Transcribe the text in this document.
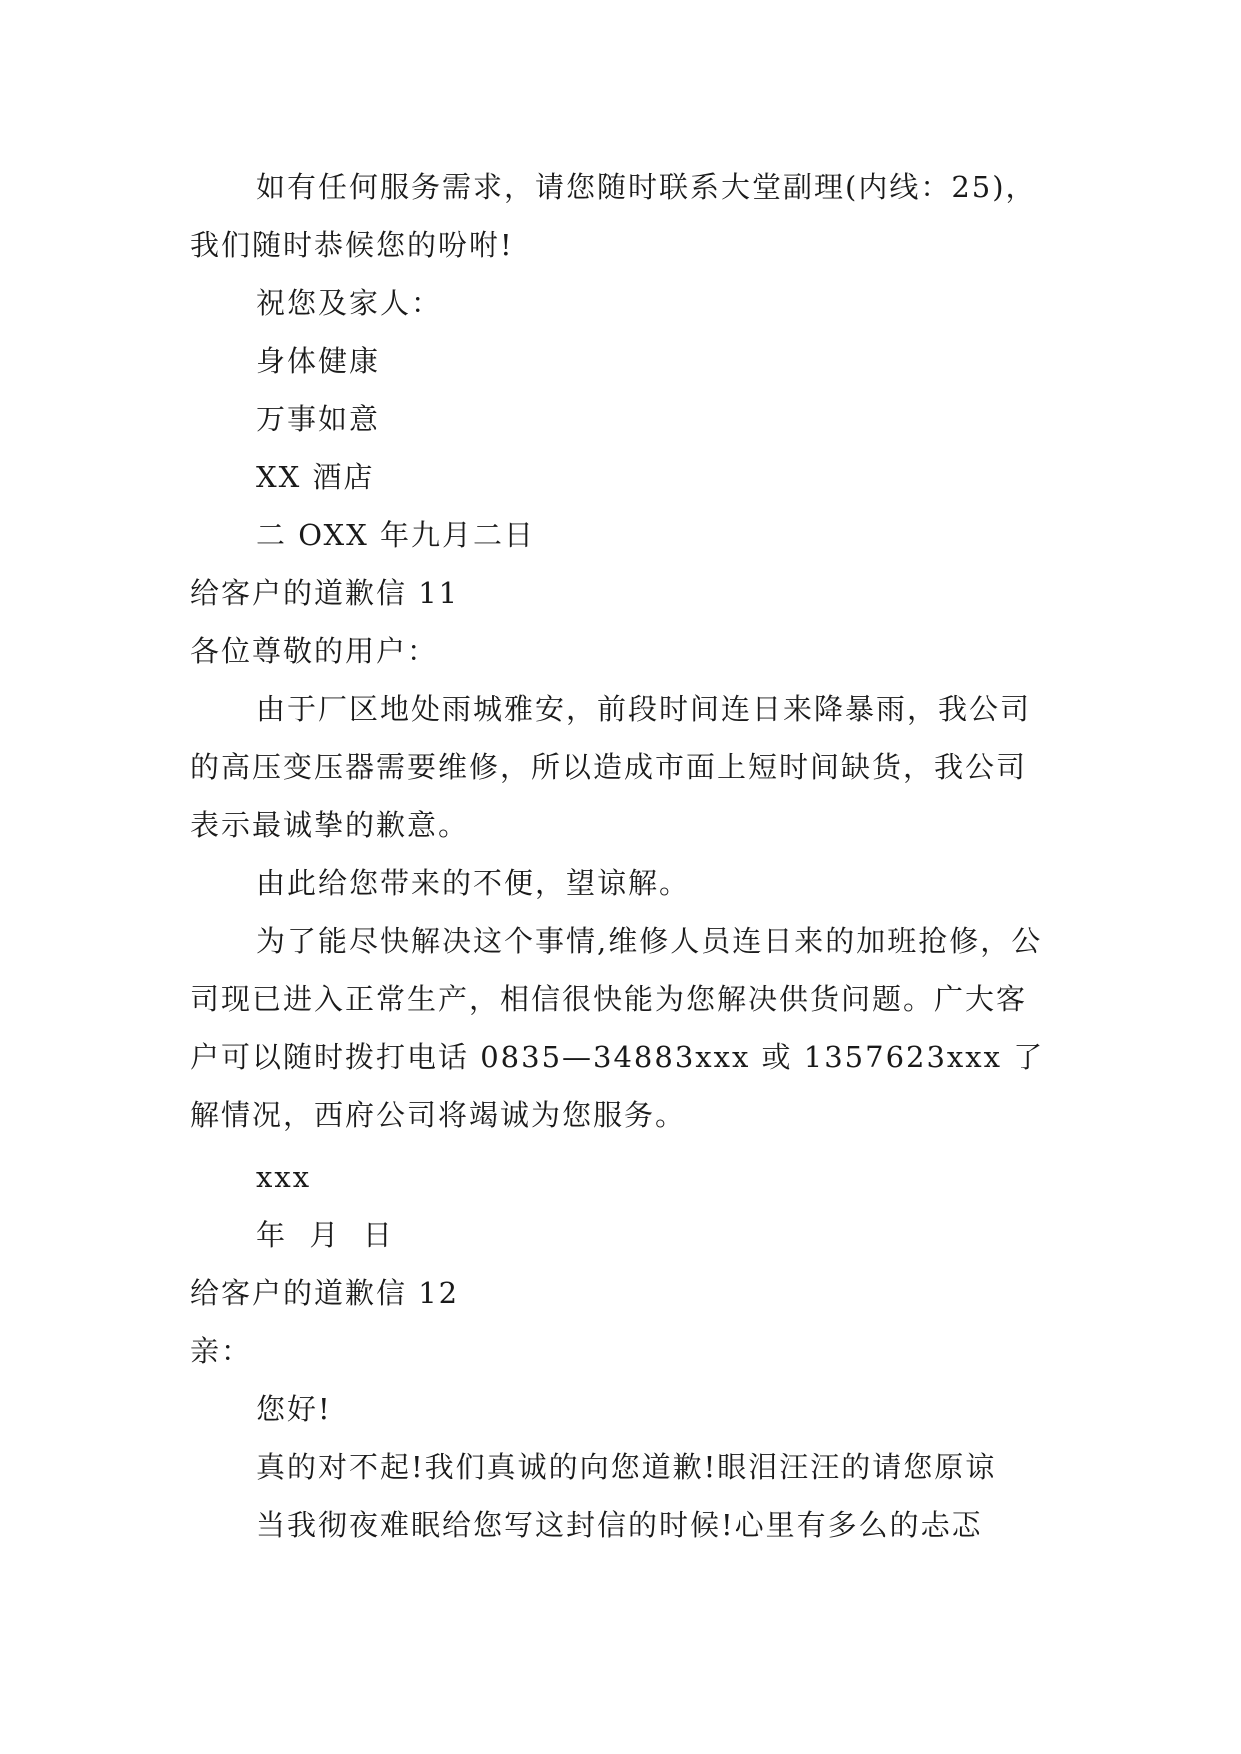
如有任何服务需求，请您随时联系大堂副理(内线：25)，我们随时恭候您的吩咐!

祝您及家人：

身体健康

万事如意

XX 酒店

二 OXX 年九月二日

给客户的道歉信 11

各位尊敬的用户：

由于厂区地处雨城雅安，前段时间连日来降暴雨，我公司的高压变压器需要维修，所以造成市面上短时间缺货，我公司表示最诚挚的歉意。

由此给您带来的不便，望谅解。

为了能尽快解决这个事情,维修人员连日来的加班抢修，公司现已进入正常生产，相信很快能为您解决供货问题。广大客户可以随时拨打电话 0835—34883xxx 或 1357623xxx 了解情况，西府公司将竭诚为您服务。

xxx

年  月  日

给客户的道歉信 12

亲：

您好!

真的对不起!我们真诚的向您道歉!眼泪汪汪的请您原谅

当我彻夜难眠给您写这封信的时候!心里有多么的忐忑
